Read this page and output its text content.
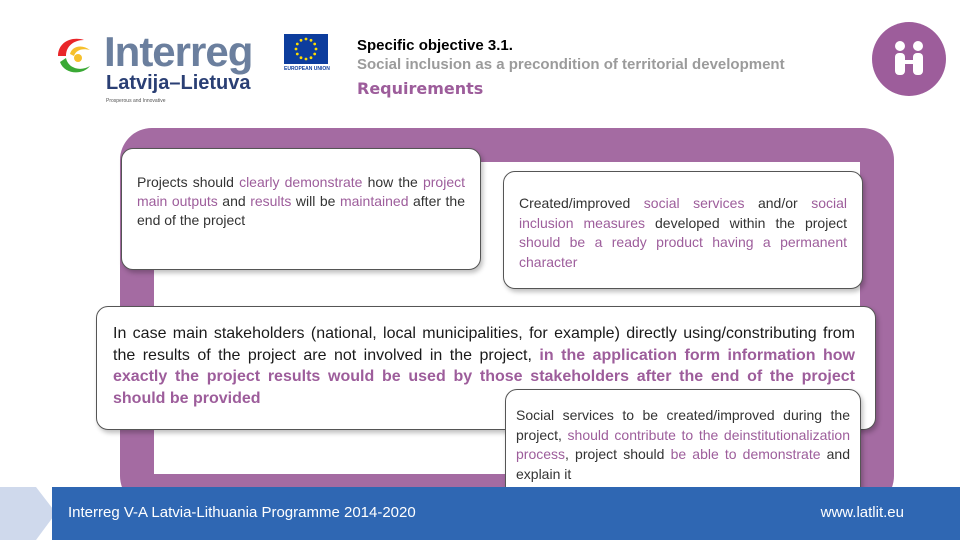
Interreg
Latvija–Lietuva
Prosperous and Innovative
EUROPEAN UNION
Specific objective 3.1.
Social inclusion as a precondition of territorial development
Requirements
Projects should clearly demonstrate how the project main outputs and results will be maintained after the end of the project
Created/improved social services and/or social inclusion measures developed within the project should be a ready product having a permanent character
In case main stakeholders (national, local municipalities, for example) directly using/constributing from the results of the project are not involved in the project, in the application form information how exactly the project results would be used by those stakeholders after the end of the project should be provided
Social services to be created/improved during the project, should contribute to the deinstitutionalization process, project should be able to demonstrate and explain it
Interreg V-A Latvia-Lithuania Programme 2014-2020	www.latlit.eu
